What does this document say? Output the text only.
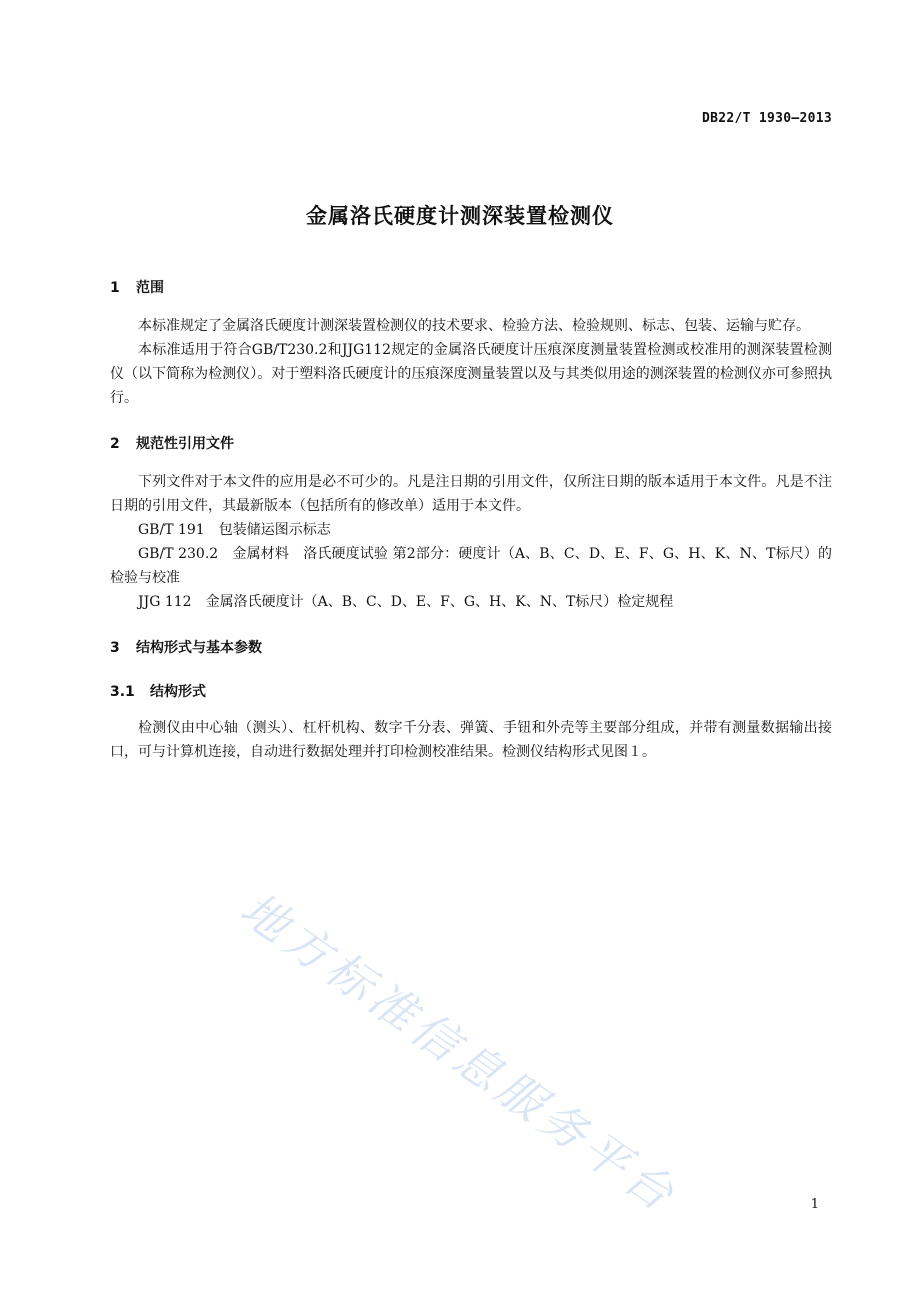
DB22/T 1930—2013
金属洛氏硬度计测深装置检测仪
1 范围

本标准规定了金属洛氏硬度计测深装置检测仪的技术要求、检验方法、检验规则、标志、包装、运输与贮存。

本标准适用于符合GB/T230.2和JJG112规定的金属洛氏硬度计压痕深度测量装置检测或校准用的测深装置检测仪（以下简称为检测仪）。对于塑料洛氏硬度计的压痕深度测量装置以及与其类似用途的测深装置的检测仪亦可参照执行。

2 规范性引用文件

下列文件对于本文件的应用是必不可少的。凡是注日期的引用文件，仅所注日期的版本适用于本文件。凡是不注日期的引用文件，其最新版本（包括所有的修改单）适用于本文件。

GB/T 191　包装储运图示标志

GB/T 230.2　金属材料　洛氏硬度试验 第2部分：硬度计（A、B、C、D、E、F、G、H、K、N、T标尺）的检验与校准

JJG 112　金属洛氏硬度计（A、B、C、D、E、F、G、H、K、N、T标尺）检定规程

3 结构形式与基本参数
3.1 结构形式

检测仪由中心轴（测头）、杠杆机构、数字千分表、弹簧、手钮和外壳等主要部分组成，并带有测量数据输出接口，可与计算机连接，自动进行数据处理并打印检测校准结果。检测仪结构形式见图１。

地方标准信息服务平台	1
